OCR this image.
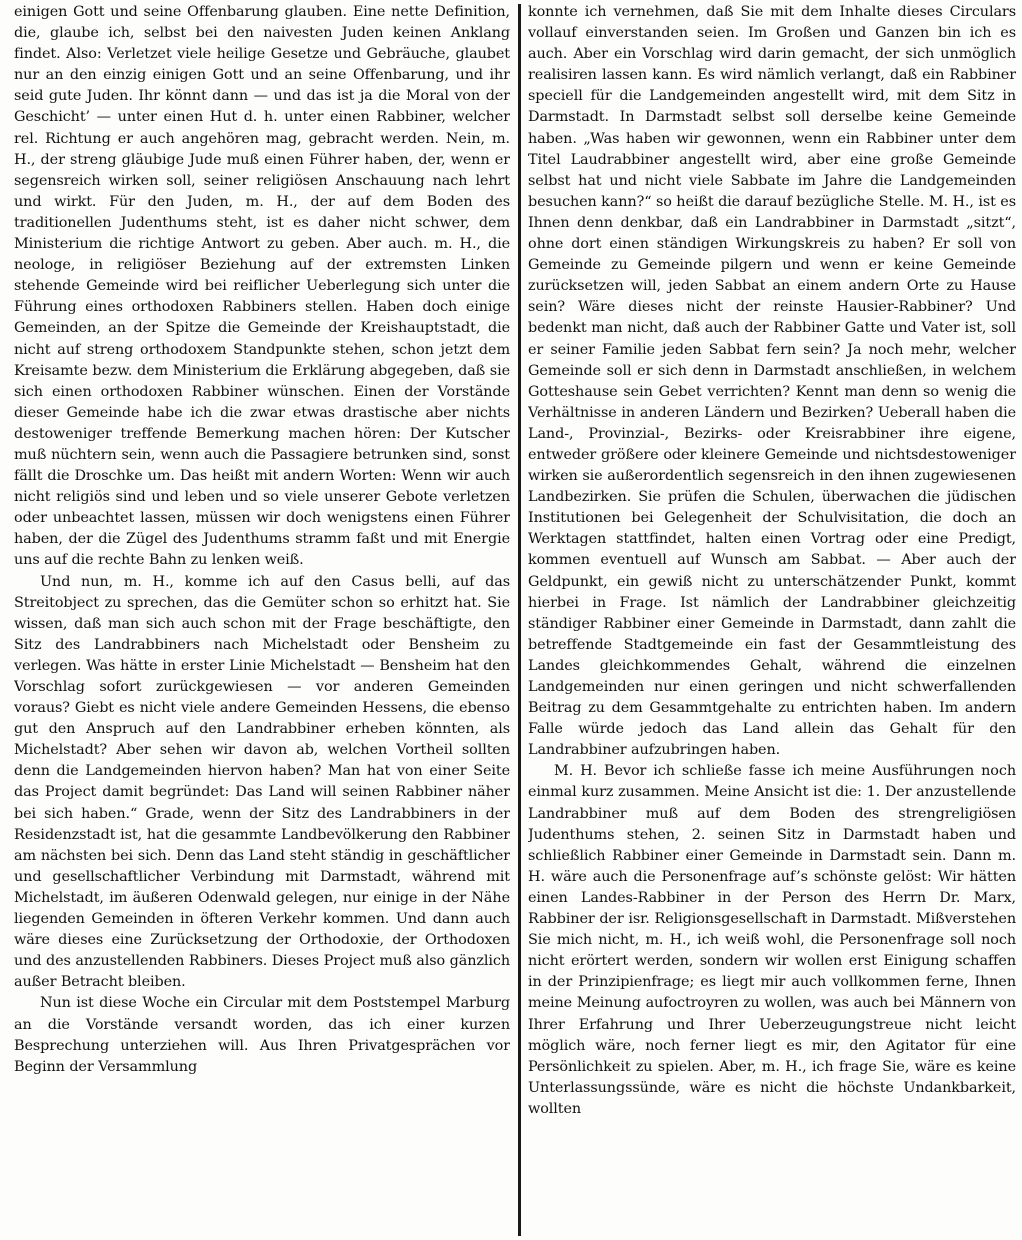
einigen Gott und seine Offenbarung glauben. Eine nette Definition, die, glaube ich, selbst bei den naivesten Juden keinen Anklang findet. Also: Verletzet viele heilige Gesetze und Gebräuche, glaubet nur an den einzig einigen Gott und an seine Offenbarung, und ihr seid gute Juden. Ihr könnt dann — und das ist ja die Moral von der Geschicht’ — unter einen Hut d. h. unter einen Rabbiner, welcher rel. Richtung er auch angehören mag, gebracht werden. Nein, m. H., der streng gläubige Jude muß einen Führer haben, der, wenn er segensreich wirken soll, seiner religiösen Anschauung nach lehrt und wirkt. Für den Juden, m. H., der auf dem Boden des traditionellen Judenthums steht, ist es daher nicht schwer, dem Ministerium die richtige Antwort zu geben. Aber auch. m. H., die neologe, in religiöser Beziehung auf der extremsten Linken stehende Gemeinde wird bei reiflicher Ueberlegung sich unter die Führung eines orthodoxen Rabbiners stellen. Haben doch einige Gemeinden, an der Spitze die Gemeinde der Kreishauptstadt, die nicht auf streng orthodoxem Standpunkte stehen, schon jetzt dem Kreisamte bezw. dem Ministerium die Erklärung abgegeben, daß sie sich einen orthodoxen Rabbiner wünschen. Einen der Vorstände dieser Gemeinde habe ich die zwar etwas drastische aber nichts destoweniger treffende Bemerkung machen hören: Der Kutscher muß nüchtern sein, wenn auch die Passagiere betrunken sind, sonst fällt die Droschke um. Das heißt mit andern Worten: Wenn wir auch nicht religiös sind und leben und so viele unserer Gebote verletzen oder unbeachtet lassen, müssen wir doch wenigstens einen Führer haben, der die Zügel des Judenthums stramm faßt und mit Energie uns auf die rechte Bahn zu lenken weiß.

Und nun, m. H., komme ich auf den Casus belli, auf das Streitobject zu sprechen, das die Gemüter schon so erhitzt hat. Sie wissen, daß man sich auch schon mit der Frage beschäftigte, den Sitz des Landrabbiners nach Michelstadt oder Bensheim zu verlegen. Was hätte in erster Linie Michelstadt — Bensheim hat den Vorschlag sofort zurückgewiesen — vor anderen Gemeinden voraus? Giebt es nicht viele andere Gemeinden Hessens, die ebenso gut den Anspruch auf den Landrabbiner erheben könnten, als Michelstadt? Aber sehen wir davon ab, welchen Vortheil sollten denn die Landgemeinden hiervon haben? Man hat von einer Seite das Project damit begründet: Das Land will seinen Rabbiner näher bei sich haben.“ Grade, wenn der Sitz des Landrabbiners in der Residenzstadt ist, hat die gesammte Landbevölkerung den Rabbiner am nächsten bei sich. Denn das Land steht ständig in geschäftlicher und gesellschaftlicher Verbindung mit Darmstadt, während mit Michelstadt, im äußeren Odenwald gelegen, nur einige in der Nähe liegenden Gemeinden in öfteren Verkehr kommen. Und dann auch wäre dieses eine Zurücksetzung der Orthodoxie, der Orthodoxen und des anzustellenden Rabbiners. Dieses Project muß also gänzlich außer Betracht bleiben.

Nun ist diese Woche ein Circular mit dem Poststempel Marburg an die Vorstände versandt worden, das ich einer kurzen Besprechung unterziehen will. Aus Ihren Privatgesprächen vor Beginn der Versammlung

konnte ich vernehmen, daß Sie mit dem Inhalte dieses Circulars vollauf einverstanden seien. Im Großen und Ganzen bin ich es auch. Aber ein Vorschlag wird darin gemacht, der sich unmöglich realisiren lassen kann. Es wird nämlich verlangt, daß ein Rabbiner speciell für die Landgemeinden angestellt wird, mit dem Sitz in Darmstadt. In Darmstadt selbst soll derselbe keine Gemeinde haben. „Was haben wir gewonnen, wenn ein Rabbiner unter dem Titel Laudrabbiner angestellt wird, aber eine große Gemeinde selbst hat und nicht viele Sabbate im Jahre die Landgemeinden besuchen kann?“ so heißt die darauf bezügliche Stelle. M. H., ist es Ihnen denn denkbar, daß ein Landrabbiner in Darmstadt „sitzt“, ohne dort einen ständigen Wirkungskreis zu haben? Er soll von Gemeinde zu Gemeinde pilgern und wenn er keine Gemeinde zurücksetzen will, jeden Sabbat an einem andern Orte zu Hause sein? Wäre dieses nicht der reinste Hausier-Rabbiner? Und bedenkt man nicht, daß auch der Rabbiner Gatte und Vater ist, soll er seiner Familie jeden Sabbat fern sein? Ja noch mehr, welcher Gemeinde soll er sich denn in Darmstadt anschließen, in welchem Gotteshause sein Gebet verrichten? Kennt man denn so wenig die Verhältnisse in anderen Ländern und Bezirken? Ueberall haben die Land-, Provinzial-, Bezirks- oder Kreisrabbiner ihre eigene, entweder größere oder kleinere Gemeinde und nichtsdestoweniger wirken sie außerordentlich segensreich in den ihnen zugewiesenen Landbezirken. Sie prüfen die Schulen, überwachen die jüdischen Institutionen bei Gelegenheit der Schulvisitation, die doch an Werktagen stattfindet, halten einen Vortrag oder eine Predigt, kommen eventuell auf Wunsch am Sabbat. — Aber auch der Geldpunkt, ein gewiß nicht zu unterschätzender Punkt, kommt hierbei in Frage. Ist nämlich der Landrabbiner gleichzeitig ständiger Rabbiner einer Gemeinde in Darmstadt, dann zahlt die betreffende Stadtgemeinde ein fast der Gesammtleistung des Landes gleichkommendes Gehalt, während die einzelnen Landgemeinden nur einen geringen und nicht schwerfallenden Beitrag zu dem Gesammtgehalte zu entrichten haben. Im andern Falle würde jedoch das Land allein das Gehalt für den Landrabbiner aufzubringen haben.

M. H. Bevor ich schließe fasse ich meine Ausführungen noch einmal kurz zusammen. Meine Ansicht ist die: 1. Der anzustellende Landrabbiner muß auf dem Boden des strengreligiösen Judenthums stehen, 2. seinen Sitz in Darmstadt haben und schließlich Rabbiner einer Gemeinde in Darmstadt sein. Dann m. H. wäre auch die Personenfrage auf’s schönste gelöst: Wir hätten einen Landes-Rabbiner in der Person des Herrn Dr. Marx, Rabbiner der isr. Religionsgesellschaft in Darmstadt. Mißverstehen Sie mich nicht, m. H., ich weiß wohl, die Personenfrage soll noch nicht erörtert werden, sondern wir wollen erst Einigung schaffen in der Prinzipienfrage; es liegt mir auch vollkommen ferne, Ihnen meine Meinung aufoctroyren zu wollen, was auch bei Männern von Ihrer Erfahrung und Ihrer Ueberzeugungstreue nicht leicht möglich wäre, noch ferner liegt es mir, den Agitator für eine Persönlichkeit zu spielen. Aber, m. H., ich frage Sie, wäre es keine Unterlassungssünde, wäre es nicht die höchste Undankbarkeit, wollten
